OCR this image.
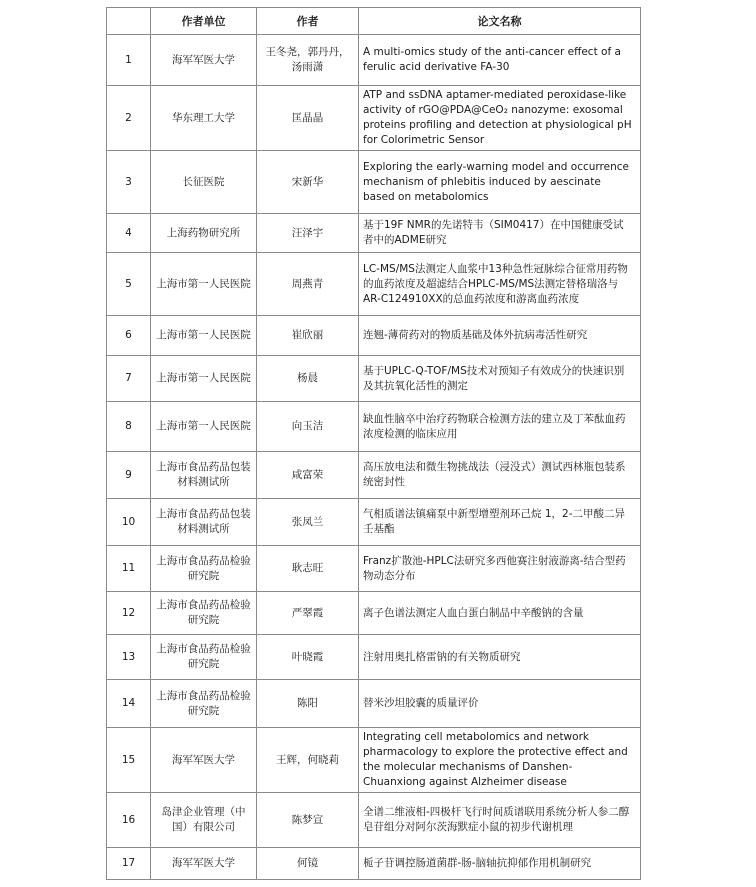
	作者单位	作者	论文名称
1	海军军医大学	王冬尧，郭丹丹，汤雨潇	A multi-omics study of the anti-cancer effect of a ferulic acid derivative FA-30
2	华东理工大学	匡晶晶	ATP and ssDNA aptamer-mediated peroxidase-like activity of rGO@PDA@CeO₂ nanozyme: exosomal proteins profiling and detection at physiological pH for Colorimetric Sensor
3	长征医院	宋新华	Exploring the early-warning model and occurrence mechanism of phlebitis induced by aescinate based on metabolomics
4	上海药物研究所	汪泽宇	基于19F NMR的先诺特韦（SIM0417）在中国健康受试者中的ADME研究
5	上海市第一人民医院	周燕青	LC-MS/MS法测定人血浆中13种急性冠脉综合征常用药物的血药浓度及超滤结合HPLC-MS/MS法测定替格瑞洛与AR-C124910XX的总血药浓度和游离血药浓度
6	上海市第一人民医院	崔欣丽	连翘-薄荷药对的物质基础及体外抗病毒活性研究
7	上海市第一人民医院	杨晨	基于UPLC-Q-TOF/MS技术对预知子有效成分的快速识别及其抗氧化活性的测定
8	上海市第一人民医院	向玉洁	缺血性脑卒中治疗药物联合检测方法的建立及丁苯酞血药浓度检测的临床应用
9	上海市食品药品包装材料测试所	咸富荣	高压放电法和微生物挑战法（浸没式）测试西林瓶包装系统密封性
10	上海市食品药品包装材料测试所	张凤兰	气相质谱法镇痛泵中新型增塑剂环己烷 1，2-二甲酸二异壬基酯
11	上海市食品药品检验研究院	耿志旺	Franz扩散池-HPLC法研究多西他赛注射液游离-结合型药物动态分布
12	上海市食品药品检验研究院	严翠霞	离子色谱法测定人血白蛋白制品中辛酸钠的含量
13	上海市食品药品检验研究院	叶晓霞	注射用奥扎格雷钠的有关物质研究
14	上海市食品药品检验研究院	陈阳	替米沙坦胶囊的质量评价
15	海军军医大学	王辉，何晓莉	Integrating cell metabolomics and network pharmacology to explore the protective effect and the molecular mechanisms of Danshen-Chuanxiong against Alzheimer disease
16	岛津企业管理（中国）有限公司	陈梦宣	全谱二维液相-四极杆飞行时间质谱联用系统分析人参二醇皂苷组分对阿尔茨海默症小鼠的初步代谢机理
17	海军军医大学	何镜	栀子苷调控肠道菌群-肠-脑轴抗抑郁作用机制研究
